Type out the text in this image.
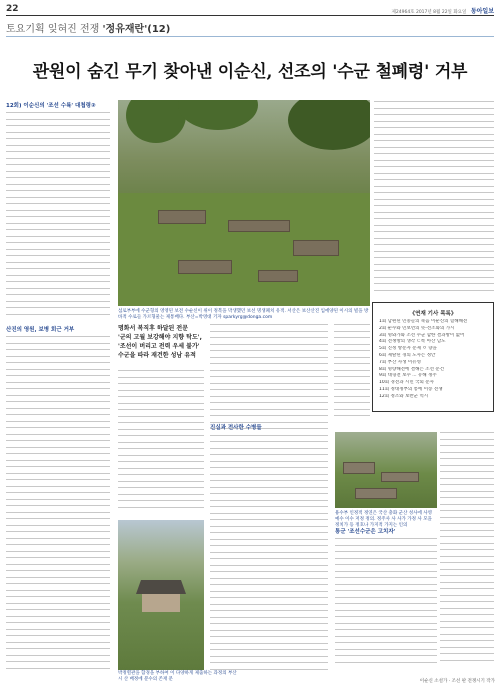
22	제24964호 2017년 8월 22일 화요일 동아일보
토요기획 잊혀진 전쟁 '정유재란'(12)
관원이 숨긴 무기 찾아낸 이순신, 선조의 '수군 철폐령' 거부
12회) 이순신의 '조선 수륙' 대첩령②
산진의 영원, 보병 회근 거부
섬로부부에 수군형의 영영된 보전 수순신이 위이 정복을 막생했던 보선 명생폐치 유적. 서산은 보산산진 입에양된 이시의 빌을 방바적 수로들 가르형물는 제통배다. 부산=박영대 기자 sparkyrg@donga.com
《연재 기사 목록》
1회 남편된 민중들의 죽음 이순신의 혈해해전
2회 순수와 민보면의 뜻-선조와의 가시
3회 명와가와 조선 수군 합한 결과방이 없어
4회 전쟁방의 생각 ㄷ쪽 아산 남도
5회 진정 방문자 문제 ㅇ 향을
6회 제탈된 경의 도사는 정안
7회 부산 사생 이유영
8회 명량해전에 결해는 조선 문건
9회 대형전 보수 ... 유해 정주
10회 경전과 시민 국외 문사
11회 정대정부의 통에 이송 전쟁
12회 정조와 보반군 역시
명화서 복직후 하달된 전문
'군의 고월 보강해야 지향 탁도', '조선이 버리고 전력 우세 불가'
수군을 따라 재건한 성남 유적
박정렬관을 함경을 부하여 이 다양하게 제출하는 과정의 부산 시 산 배정에 분수의 존재 문
진실과 전사한 수병들
용수부 인정적 정연은 국산 충화 군산 성사에 사영 예수 이수 저정 정의. 정주사 사 사가 가정 사 모을 정치가 등 정호나 가지적 가지는 인의
통군 '조선수군은 고치자'
이순신 소설가 · 조선 판 전쟁시기 작가
